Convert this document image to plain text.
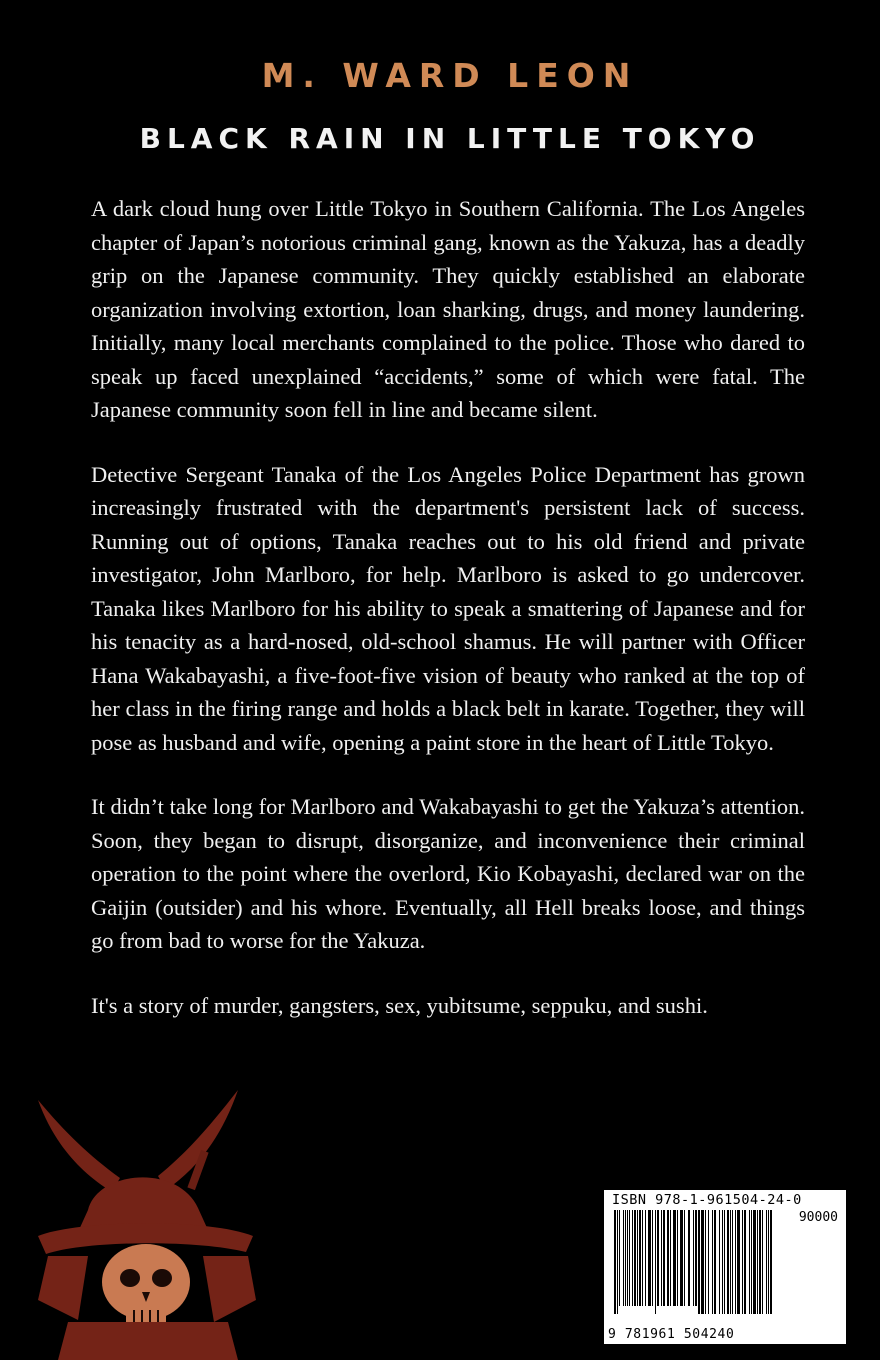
M. WARD LEON
BLACK RAIN IN LITTLE TOKYO

A dark cloud hung over Little Tokyo in Southern California. The Los Angeles chapter of Japan’s notorious criminal gang, known as the Yakuza, has a deadly grip on the Japanese community. They quickly established an elaborate organization involving extortion, loan sharking, drugs, and money laundering. Initially, many local merchants complained to the police. Those who dared to speak up faced unexplained “accidents,” some of which were fatal. The Japanese community soon fell in line and became silent.

Detective Sergeant Tanaka of the Los Angeles Police Department has grown increasingly frustrated with the department's persistent lack of success. Running out of options, Tanaka reaches out to his old friend and private investigator, John Marlboro, for help. Marlboro is asked to go undercover. Tanaka likes Marlboro for his ability to speak a smattering of Japanese and for his tenacity as a hard-nosed, old-school shamus. He will partner with Officer Hana Wakabayashi, a five-foot-five vision of beauty who ranked at the top of her class in the firing range and holds a black belt in karate. Together, they will pose as husband and wife, opening a paint store in the heart of Little Tokyo.

It didn’t take long for Marlboro and Wakabayashi to get the Yakuza’s attention. Soon, they began to disrupt, disorganize, and inconvenience their criminal operation to the point where the overlord, Kio Kobayashi, declared war on the Gaijin (outsider) and his whore. Eventually, all Hell breaks loose, and things go from bad to worse for the Yakuza.

It's a story of murder, gangsters, sex, yubitsume, seppuku, and sushi.

ISBN 978-1-961504-24-0
90000
9 781961 504240
